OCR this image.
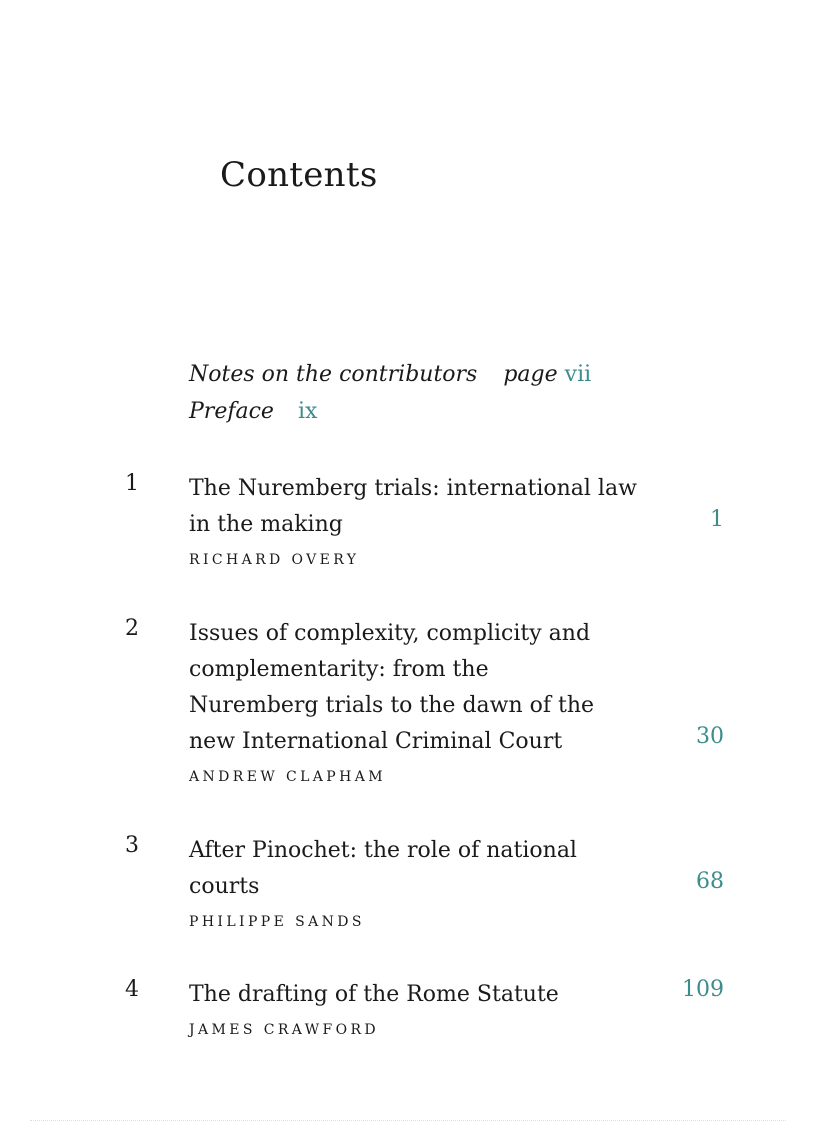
Contents
Notes on the contributors page vii
Preface ix
1 The Nuremberg trials: international law
in the making	1
RICHARD OVERY
2 Issues of complexity, complicity and
complementarity: from the
Nuremberg trials to the dawn of the
new International Criminal Court	30
ANDREW CLAPHAM
3 After Pinochet: the role of national
courts	68
PHILIPPE SANDS
4 The drafting of the Rome Statute	109
JAMES CRAWFORD
